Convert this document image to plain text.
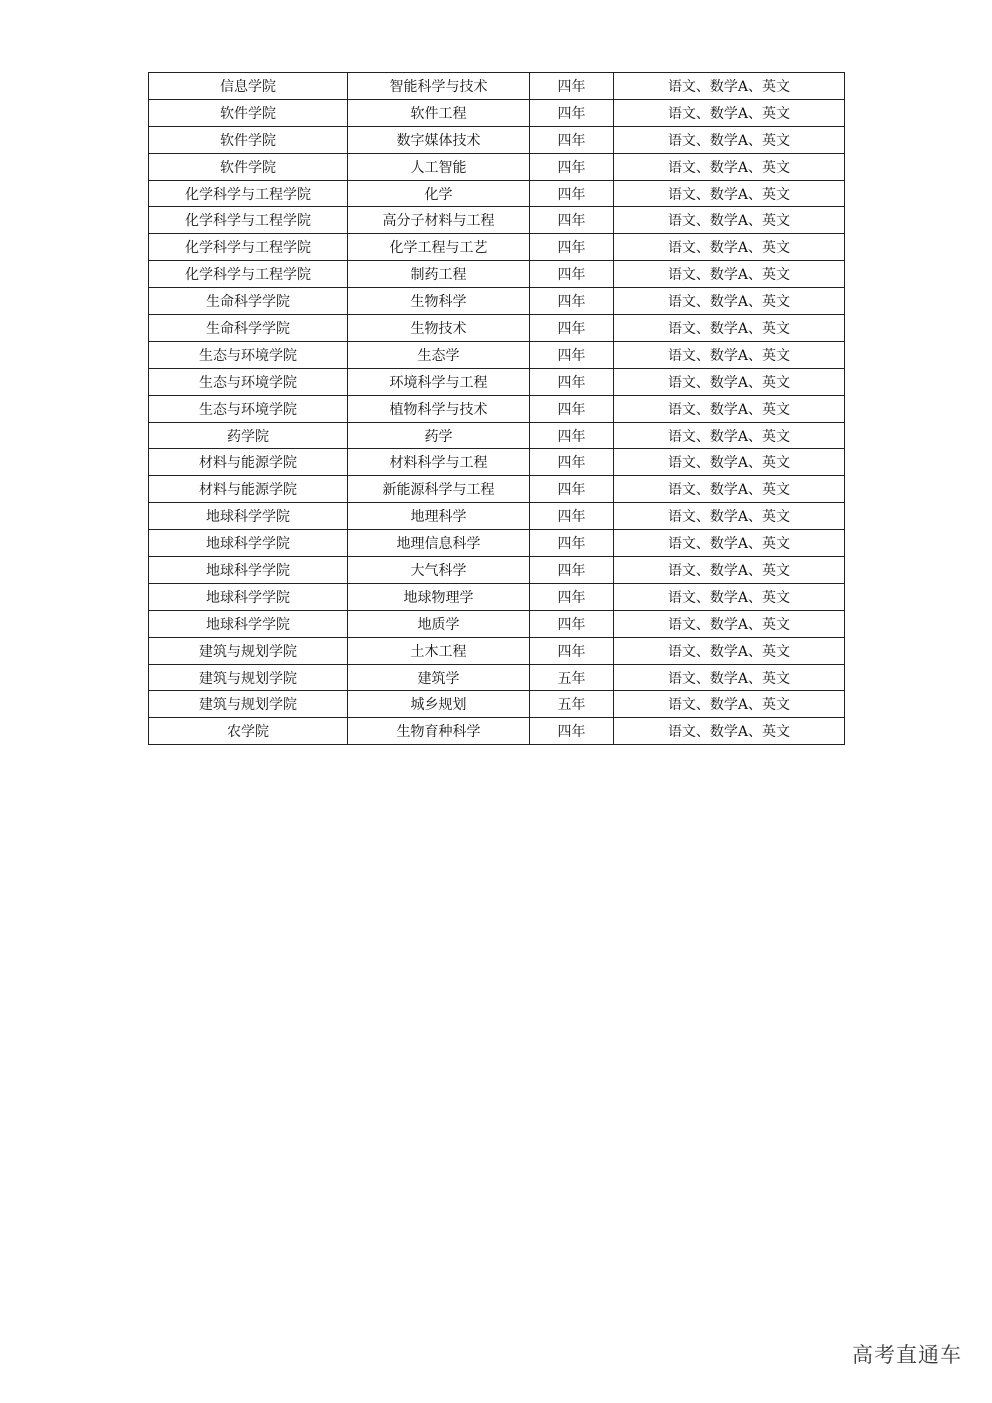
信息学院	智能科学与技术	四年	语文、数学A、英文
软件学院	软件工程	四年	语文、数学A、英文
软件学院	数字媒体技术	四年	语文、数学A、英文
软件学院	人工智能	四年	语文、数学A、英文
化学科学与工程学院	化学	四年	语文、数学A、英文
化学科学与工程学院	高分子材料与工程	四年	语文、数学A、英文
化学科学与工程学院	化学工程与工艺	四年	语文、数学A、英文
化学科学与工程学院	制药工程	四年	语文、数学A、英文
生命科学学院	生物科学	四年	语文、数学A、英文
生命科学学院	生物技术	四年	语文、数学A、英文
生态与环境学院	生态学	四年	语文、数学A、英文
生态与环境学院	环境科学与工程	四年	语文、数学A、英文
生态与环境学院	植物科学与技术	四年	语文、数学A、英文
药学院	药学	四年	语文、数学A、英文
材料与能源学院	材料科学与工程	四年	语文、数学A、英文
材料与能源学院	新能源科学与工程	四年	语文、数学A、英文
地球科学学院	地理科学	四年	语文、数学A、英文
地球科学学院	地理信息科学	四年	语文、数学A、英文
地球科学学院	大气科学	四年	语文、数学A、英文
地球科学学院	地球物理学	四年	语文、数学A、英文
地球科学学院	地质学	四年	语文、数学A、英文
建筑与规划学院	土木工程	四年	语文、数学A、英文
建筑与规划学院	建筑学	五年	语文、数学A、英文
建筑与规划学院	城乡规划	五年	语文、数学A、英文
农学院	生物育种科学	四年	语文、数学A、英文
高考直通车
